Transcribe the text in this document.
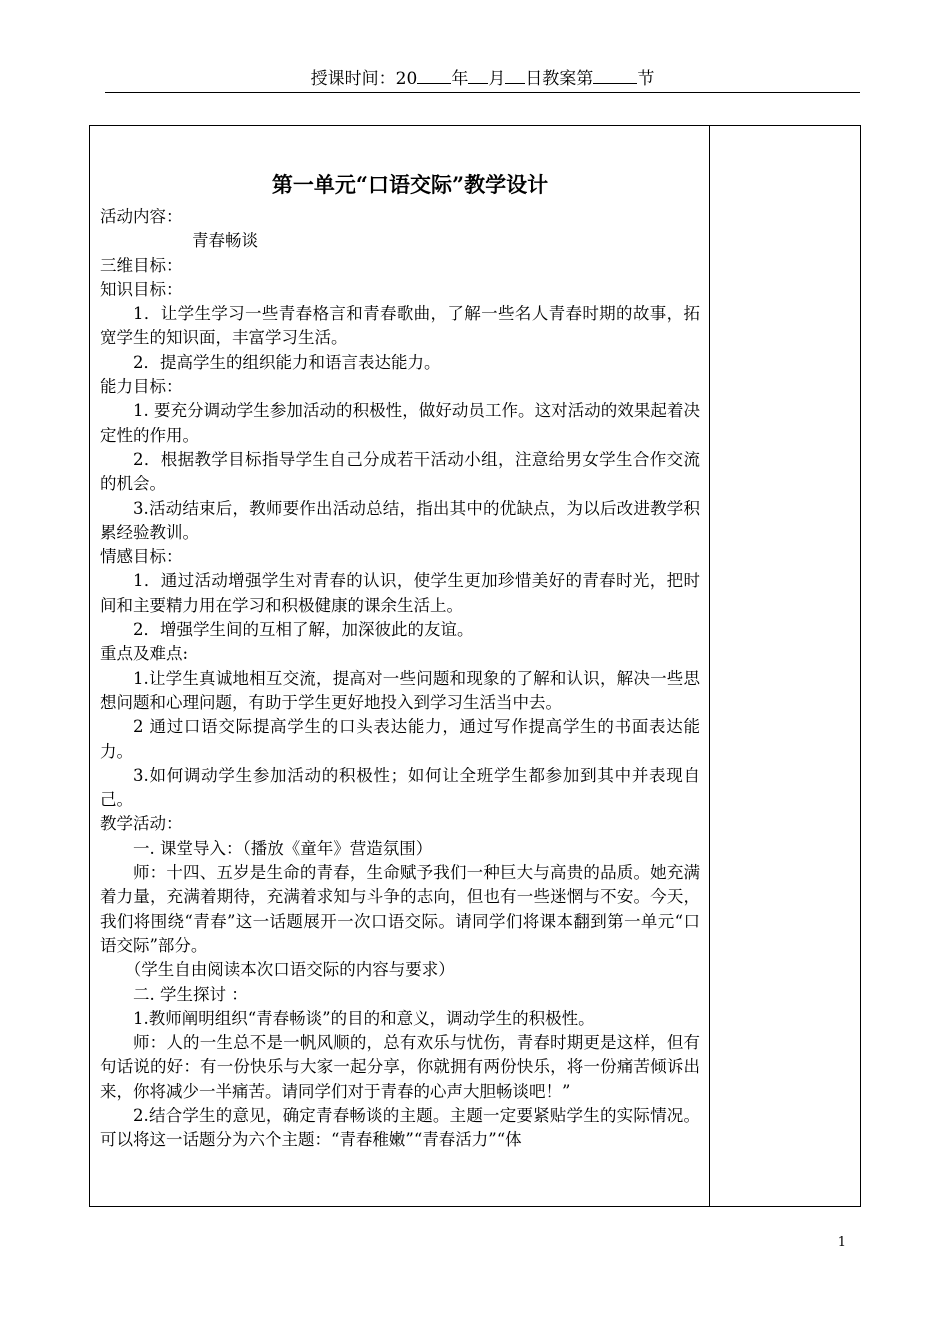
授课时间：20 年 月 日教案第	节
第一单元“口语交际”教学设计

活动内容：

青春畅谈

三维目标：

知识目标：

1．让学生学习一些青春格言和青春歌曲，了解一些名人青春时期的故事，拓宽学生的知识面，丰富学习生活。

2．提高学生的组织能力和语言表达能力。

能力目标：

1. 要充分调动学生参加活动的积极性，做好动员工作。这对活动的效果起着决定性的作用。

2．根据教学目标指导学生自己分成若干活动小组，注意给男女学生合作交流的机会。

3.活动结束后，教师要作出活动总结，指出其中的优缺点，为以后改进教学积累经验教训。

情感目标：

1．通过活动增强学生对青春的认识，使学生更加珍惜美好的青春时光，把时间和主要精力用在学习和积极健康的课余生活上。

2．增强学生间的互相了解，加深彼此的友谊。

重点及难点:

1.让学生真诚地相互交流，提高对一些问题和现象的了解和认识，解决一些思想问题和心理问题，有助于学生更好地投入到学习生活当中去。

2 通过口语交际提高学生的口头表达能力，通过写作提高学生的书面表达能力。

3.如何调动学生参加活动的积极性；如何让全班学生都参加到其中并表现自己。

教学活动：

一. 课堂导入：（播放《童年》营造氛围）

师：十四、五岁是生命的青春，生命赋予我们一种巨大与高贵的品质。她充满着力量，充满着期待，充满着求知与斗争的志向，但也有一些迷惘与不安。今天，我们将围绕“青春”这一话题展开一次口语交际。请同学们将课本翻到第一单元“口语交际”部分。

（学生自由阅读本次口语交际的内容与要求）

二. 学生探讨 ：

1.教师阐明组织“青春畅谈”的目的和意义，调动学生的积极性。

师：人的一生总不是一帆风顺的，总有欢乐与忧伤，青春时期更是这样，但有句话说的好：有一份快乐与大家一起分享，你就拥有两份快乐，将一份痛苦倾诉出来，你将减少一半痛苦。请同学们对于青春的心声大胆畅谈吧！”

2.结合学生的意见，确定青春畅谈的主题。主题一定要紧贴学生的实际情况。可以将这一话题分为六个主题：“青春稚嫩”“青春活力”“体

1
